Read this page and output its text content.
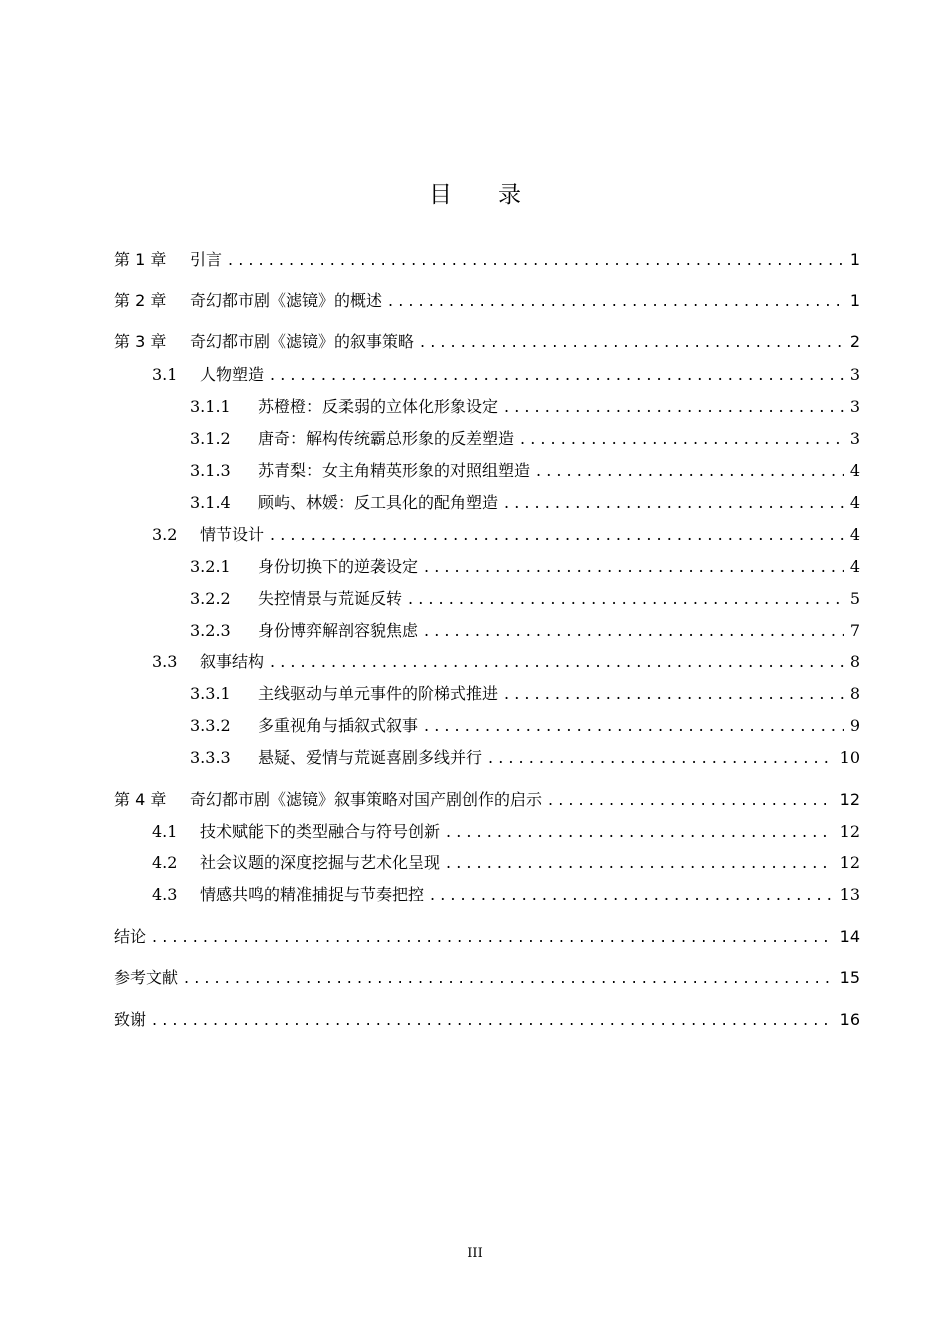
目录
第 1 章	引言 . . .	1
第 2 章	奇幻都市剧《滤镜》的概述 . . .	1
第 3 章	奇幻都市剧《滤镜》的叙事策略 . . .	2
3.1	人物塑造 . . .	3
3.1.1	苏橙橙：反柔弱的立体化形象设定 . . .	3
3.1.2	唐奇：解构传统霸总形象的反差塑造 . . .	3
3.1.3	苏青梨：女主角精英形象的对照组塑造 . . .	4
3.1.4	顾屿、林媛：反工具化的配角塑造 . . .	4
3.2	情节设计 . . .	4
3.2.1	身份切换下的逆袭设定 . . .	4
3.2.2	失控情景与荒诞反转 . . .	5
3.2.3	身份博弈解剖容貌焦虑 . . .	7
3.3	叙事结构 . . .	8
3.3.1	主线驱动与单元事件的阶梯式推进 . . .	8
3.3.2	多重视角与插叙式叙事 . . .	9
3.3.3	悬疑、爱情与荒诞喜剧多线并行 . . .	10
第 4 章	奇幻都市剧《滤镜》叙事策略对国产剧创作的启示 . . .	12
4.1	技术赋能下的类型融合与符号创新 . . .	12
4.2	社会议题的深度挖掘与艺术化呈现 . . .	12
4.3	情感共鸣的精准捕捉与节奏把控 . . .	13
结论 . . .	14
参考文献 . . .	15
致谢 . . .	16
III
